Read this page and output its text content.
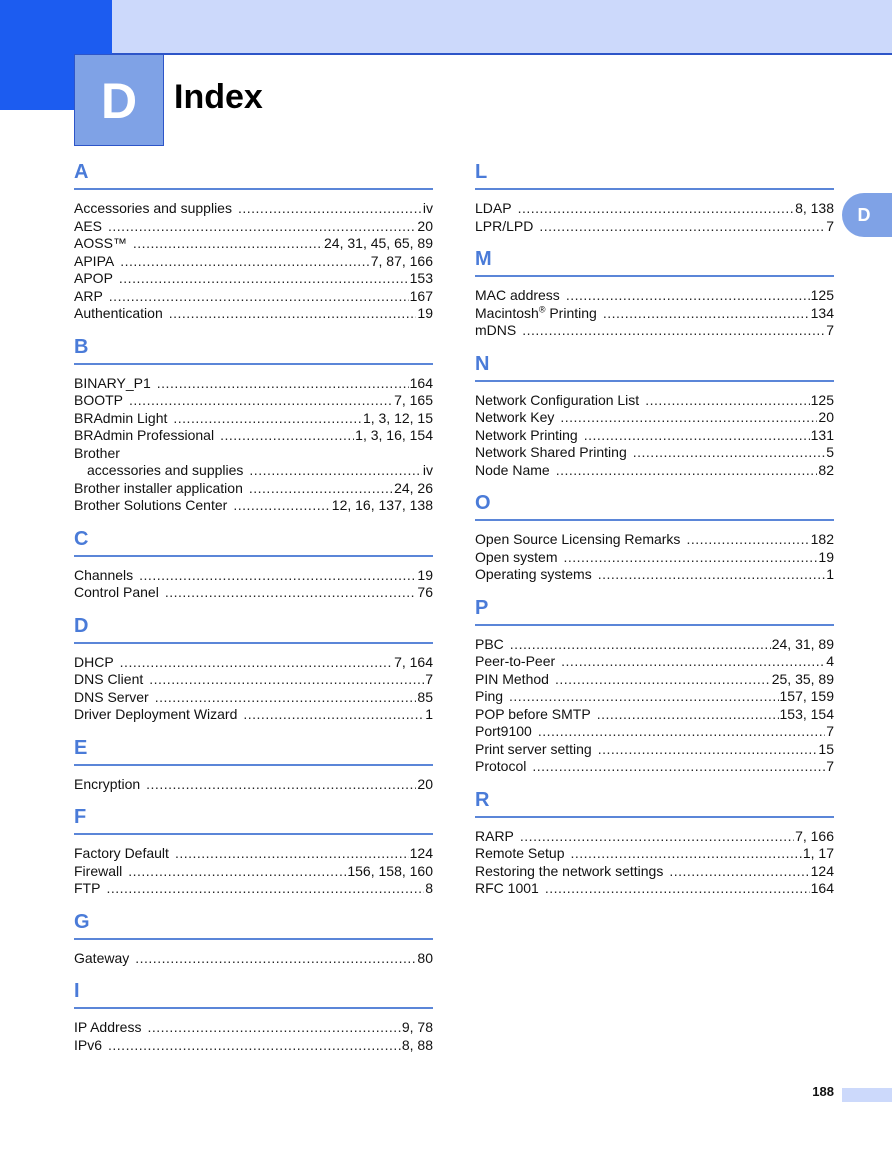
D	Index
D
A
Accessories and supplies .....	iv
AES .....	20
AOSS™ .....	24, 31, 45, 65, 89
APIPA .....	7, 87, 166
APOP .....	153
ARP .....	167
Authentication .....	19
B
BINARY_P1 .....	164
BOOTP .....	7, 165
BRAdmin Light .....	1, 3, 12, 15
BRAdmin Professional .....	1, 3, 16, 154
Brother
accessories and supplies .....	iv
Brother installer application .....	24, 26
Brother Solutions Center .....	12, 16, 137, 138
C
Channels .....	19
Control Panel .....	76
D
DHCP .....	7, 164
DNS Client .....	7
DNS Server .....	85
Driver Deployment Wizard .....	1
E
Encryption .....	20
F
Factory Default .....	124
Firewall .....	156, 158, 160
FTP .....	8
G
Gateway .....	80
I
IP Address .....	9, 78
IPv6 .....	8, 88
L
LDAP .....	8, 138
LPR/LPD .....	7
M
MAC address .....	125
Macintosh® Printing .....	134
mDNS .....	7
N
Network Configuration List .....	125
Network Key .....	20
Network Printing .....	131
Network Shared Printing .....	5
Node Name .....	82
O
Open Source Licensing Remarks .....	182
Open system .....	19
Operating systems .....	1
P
PBC .....	24, 31, 89
Peer-to-Peer .....	4
PIN Method .....	25, 35, 89
Ping .....	157, 159
POP before SMTP .....	153, 154
Port9100 .....	7
Print server setting .....	15
Protocol .....	7
R
RARP .....	7, 166
Remote Setup .....	1, 17
Restoring the network settings .....	124
RFC 1001 .....	164
188
